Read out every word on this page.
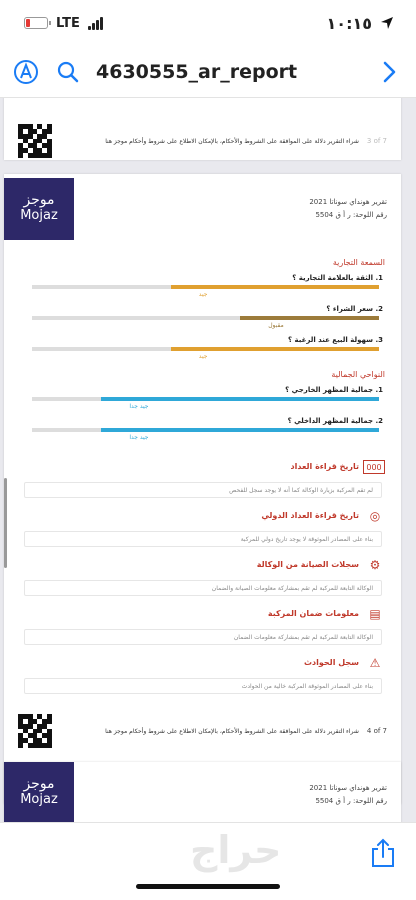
LTE	١٠:١٥
4630555_ar_report
شراء التقرير دلالة على الموافقة على الشروط والأحكام، بالإمكان الاطلاع على شروط وأحكام موجز هنا 3 of 7
موجز
Mojaz
تقرير هونداي سوناتا 2021
رقم اللوحة: ر أ ق 5504
السمعة التجارية
1. الثقة بالعلامة التجارية ؟
جيد
2. سعر الشراء ؟
مقبول
3. سهولة البيع عند الرغبة ؟
جيد
النواحي الجمالية
1. جمالية المظهر الخارجي ؟
جيد جدا
2. جمالية المظهر الداخلي ؟
جيد جدا
000
تاريخ قراءة العداد
لم تقم المركبة بزيارة الوكالة كما أنه لا يوجد سجل للفحص
◎
تاريخ قراءة العداد الدولي
بناء على المصادر الموثوقة لا يوجد تاريخ دولي للمركبة
⚙
سجلات الصيانة من الوكالة
الوكالة التابعة للمركبة لم تقم بمشاركة معلومات الصيانة والضمان
▤
معلومات ضمان المركبة
الوكالة التابعة للمركبة لم تقم بمشاركة معلومات الضمان
⚠
سجل الحوادث
بناء على المصادر الموثوقة المركبة خالية من الحوادث
شراء التقرير دلالة على الموافقة على الشروط والأحكام، بالإمكان الاطلاع على شروط وأحكام موجز هنا 4 of 7
موجز
Mojaz
تقرير هونداي سوناتا 2021
رقم اللوحة: ر أ ق 5504
حراج
